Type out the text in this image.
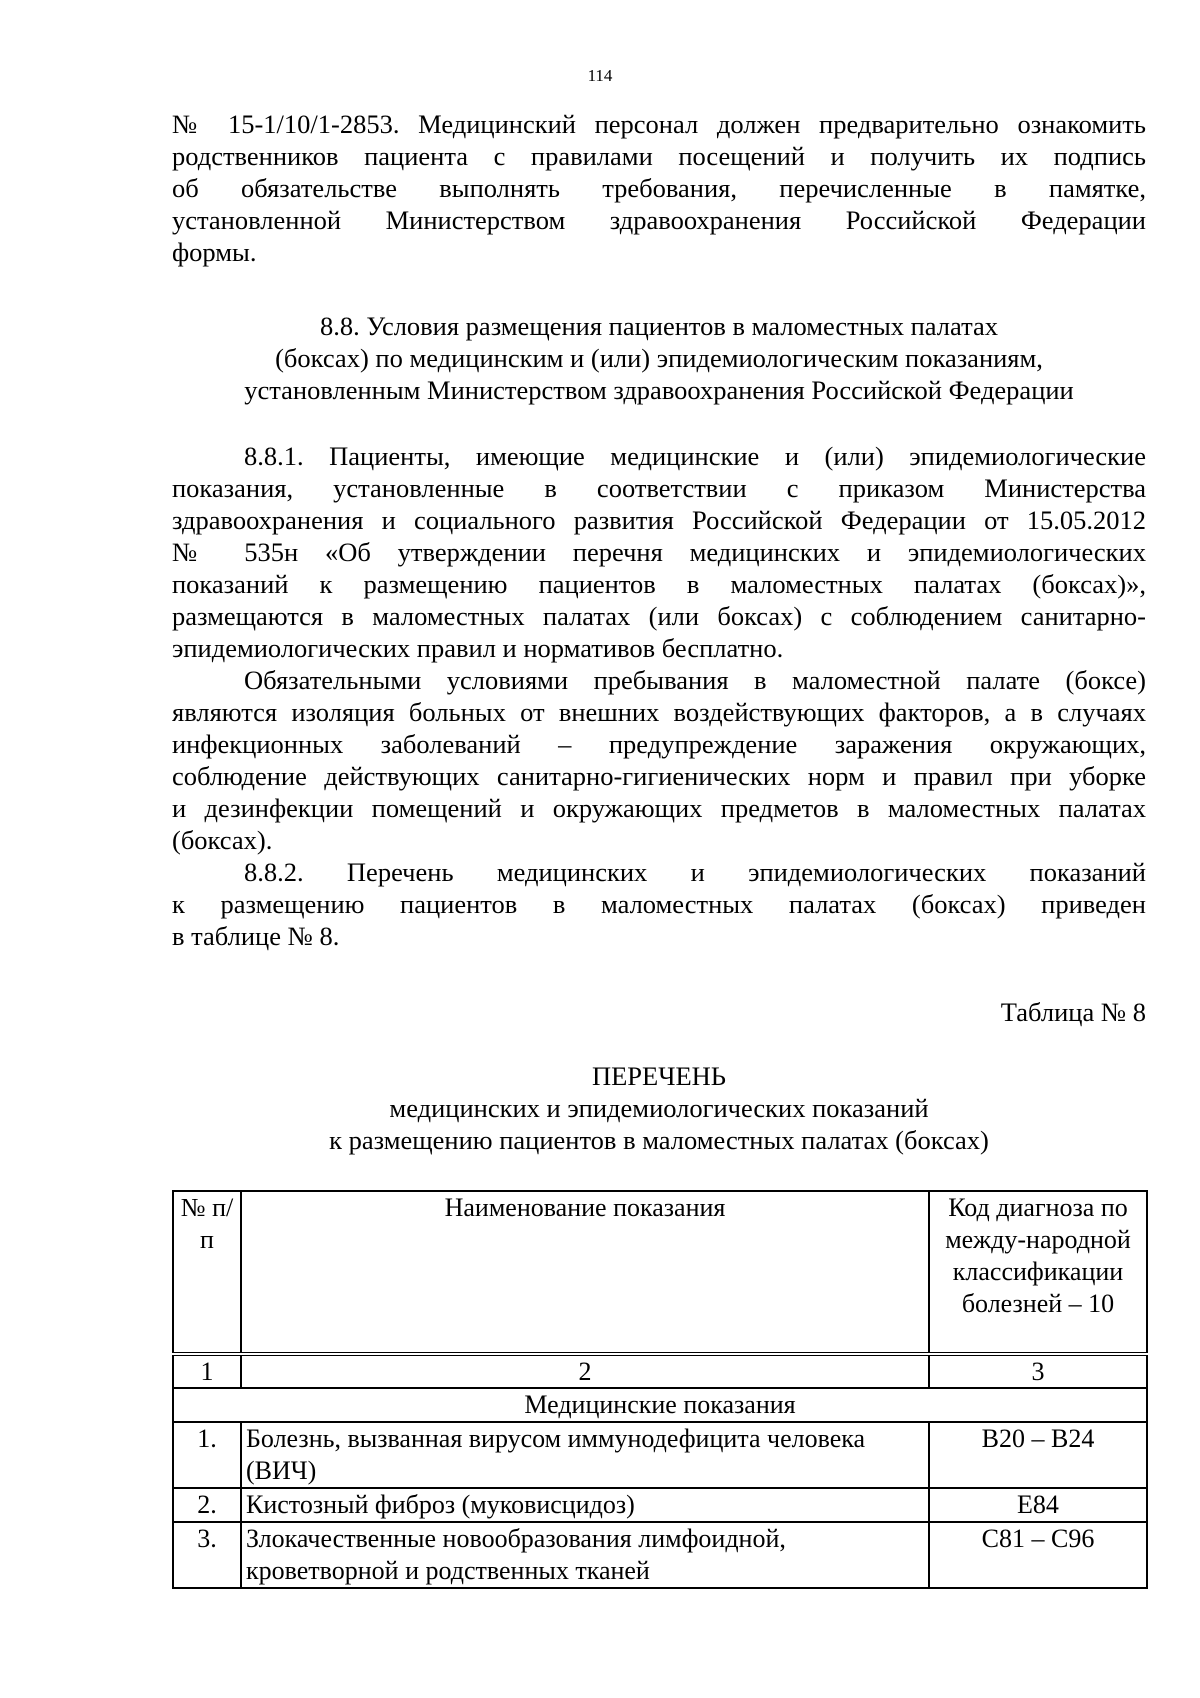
114
№ 15-1/10/1-2853. Медицинский персонал должен предварительно ознакомить
родственников пациента с правилами посещений и получить их подпись
об обязательстве выполнять требования, перечисленные в памятке,
установленной Министерством здравоохранения Российской Федерации
формы.
8.8. Условия размещения пациентов в маломестных палатах
(боксах) по медицинским и (или) эпидемиологическим показаниям,
установленным Министерством здравоохранения Российской Федерации
8.8.1. Пациенты, имеющие медицинские и (или) эпидемиологические
показания, установленные в соответствии с приказом Министерства
здравоохранения и социального развития Российской Федерации от 15.05.2012
№ 535н «Об утверждении перечня медицинских и эпидемиологических
показаний к размещению пациентов в маломестных палатах (боксах)»,
размещаются в маломестных палатах (или боксах) с соблюдением санитарно-
эпидемиологических правил и нормативов бесплатно.
Обязательными условиями пребывания в маломестной палате (боксе)
являются изоляция больных от внешних воздействующих факторов, а в случаях
инфекционных заболеваний – предупреждение заражения окружающих,
соблюдение действующих санитарно-гигиенических норм и правил при уборке
и дезинфекции помещений и окружающих предметов в маломестных палатах
(боксах).
8.8.2. Перечень медицинских и эпидемиологических показаний
к размещению пациентов в маломестных палатах (боксах) приведен
в таблице № 8.
Таблица № 8
ПЕРЕЧЕНЬ
медицинских и эпидемиологических показаний
к размещению пациентов в маломестных палатах (боксах)
№ п/п	Наименование показания	Код диагноза по между-народной классификации болезней – 10
1	2	3
Медицинские показания		
1.	Болезнь, вызванная вирусом иммунодефицита человека (ВИЧ)	B20 – B24
2.	Кистозный фиброз (муковисцидоз)	E84
3.	Злокачественные новообразования лимфоидной, кроветворной и родственных тканей	C81 – C96
